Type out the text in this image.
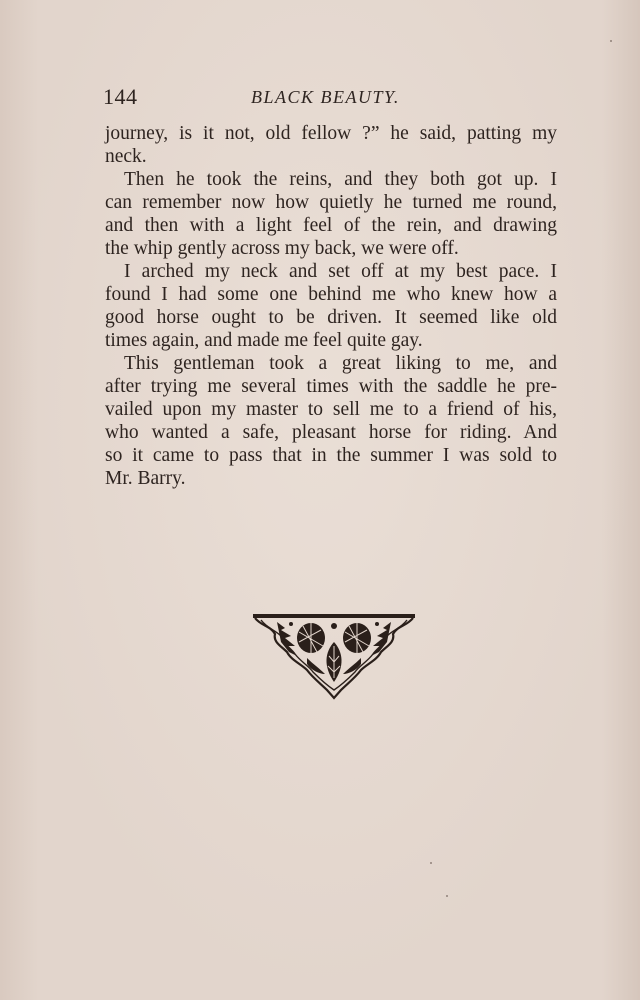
144	BLACK BEAUTY.
journey, is it not, old fellow ?” he said, patting my
neck.
Then he took the reins, and they both got up. I
can remember now how quietly he turned me round,
and then with a light feel of the rein, and drawing
the whip gently across my back, we were off.
I arched my neck and set off at my best pace. I
found I had some one behind me who knew how a
good horse ought to be driven. It seemed like old
times again, and made me feel quite gay.
This gentleman took a great liking to me, and
after trying me several times with the saddle he pre-
vailed upon my master to sell me to a friend of his,
who wanted a safe, pleasant horse for riding. And
so it came to pass that in the summer I was sold to
Mr. Barry.
